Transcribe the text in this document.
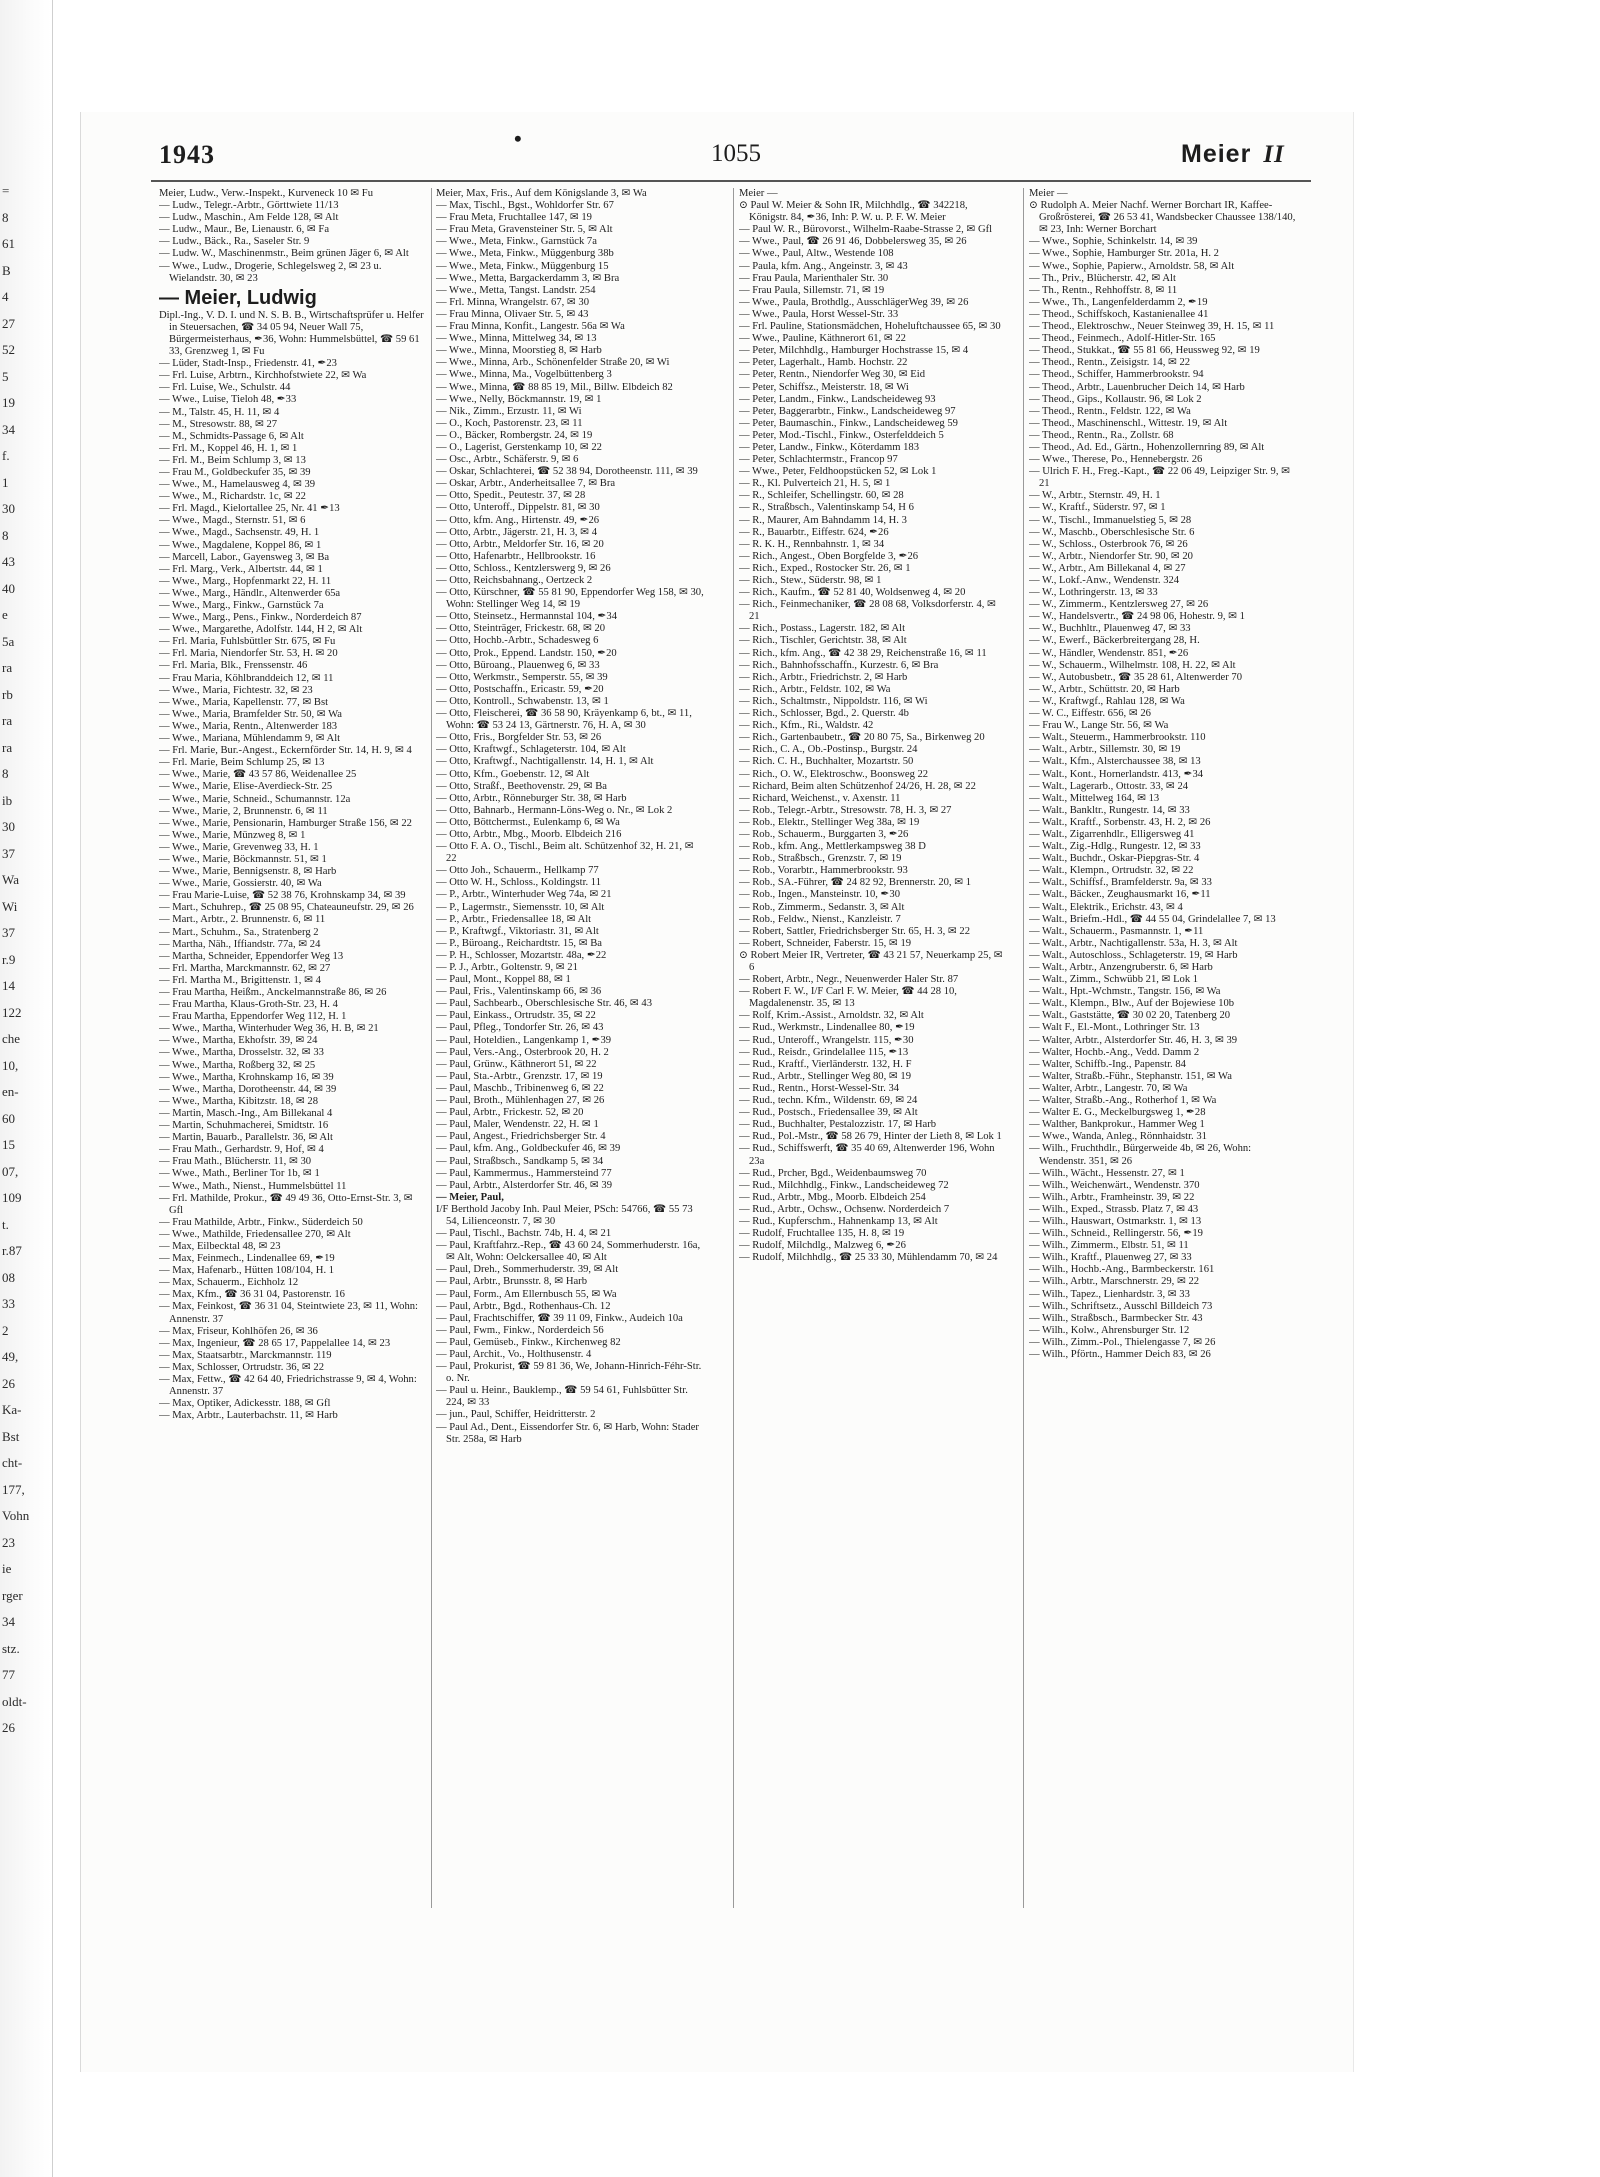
=
8
61
B
4
27
52
5
19
34
f.
1
30
8
43
40
e
5a
ra
rb
ra
ra
8
ib
30
37
Wa
Wi
37
r.9
14
122
che
10,
en-
60
15
07,
109
t.
r.87
08
33
2
49,
26
Ka-
Bst
cht-
177,
Vohn
23
ie
rger
34
stz.
77
oldt-
26
1943
•
1055	Meier II

Meier, Ludw., Verw.-Inspekt., Kurveneck 10 ✉ Fu

— Ludw., Telegr.-Arbtr., Görttwiete 11/13

— Ludw., Maschin., Am Felde 128, ✉ Alt

— Ludw., Maur., Be, Lienaustr. 6, ✉ Fa

— Ludw., Bäck., Ra., Saseler Str. 9

— Ludw. W., Maschinenmstr., Beim grünen Jäger 6, ✉ Alt

— Wwe., Ludw., Drogerie, Schlegelsweg 2, ✉ 23 u. Wielandstr. 30, ✉ 23

— Meier, Ludwig

Dipl.-Ing., V. D. I. und N. S. B. B., Wirtschaftsprüfer u. Helfer in Steuersachen, ☎ 34 05 94, Neuer Wall 75, Bürgermeisterhaus, ✒36, Wohn: Hummelsbüttel, ☎ 59 61 33, Grenzweg 1, ✉ Fu

— Lüder, Stadt-Insp., Friedenstr. 41, ✒23

— Frl. Luise, Arbtrn., Kirchhofstwiete 22, ✉ Wa

— Frl. Luise, We., Schulstr. 44

— Wwe., Luise, Tieloh 48, ✒33

— M., Talstr. 45, H. 11, ✉ 4

— M., Stresowstr. 88, ✉ 27

— M., Schmidts-Passage 6, ✉ Alt

— Frl. M., Koppel 46, H. 1, ✉ 1

— Frl. M., Beim Schlump 3, ✉ 13

— Frau M., Goldbeckufer 35, ✉ 39

— Wwe., M., Hamelausweg 4, ✉ 39

— Wwe., M., Richardstr. 1c, ✉ 22

— Frl. Magd., Kielortallee 25, Nr. 41 ✒13

— Wwe., Magd., Sternstr. 51, ✉ 6

— Wwe., Magd., Sachsenstr. 49, H. 1

— Wwe., Magdalene, Koppel 86, ✉ 1

— Marcell, Labor., Gayensweg 3, ✉ Ba

— Frl. Marg., Verk., Albertstr. 44, ✉ 1

— Wwe., Marg., Hopfenmarkt 22, H. 11

— Wwe., Marg., Händlr., Altenwerder 65a

— Wwe., Marg., Finkw., Garnstück 7a

— Wwe., Marg., Pens., Finkw., Norderdeich 87

— Wwe., Margarethe, Adolfstr. 144, H 2, ✉ Alt

— Frl. Maria, Fuhlsbüttler Str. 675, ✉ Fu

— Frl. Maria, Niendorfer Str. 53, H. ✉ 20

— Frl. Maria, Blk., Frenssenstr. 46

— Frau Maria, Köhlbranddeich 12, ✉ 11

— Wwe., Maria, Fichtestr. 32, ✉ 23

— Wwe., Maria, Kapellenstr. 77, ✉ Bst

— Wwe., Maria, Bramfelder Str. 50, ✉ Wa

— Wwe., Maria, Rentn., Altenwerder 183

— Wwe., Mariana, Mühlendamm 9, ✉ Alt

— Frl. Marie, Bur.-Angest., Eckernförder Str. 14, H. 9, ✉ 4

— Frl. Marie, Beim Schlump 25, ✉ 13

— Wwe., Marie, ☎ 43 57 86, Weidenallee 25

— Wwe., Marie, Elise-Averdieck-Str. 25

— Wwe., Marie, Schneid., Schumannstr. 12a

— Wwe., Marie, 2, Brunnenstr. 6, ✉ 11

— Wwe., Marie, Pensionarin, Hamburger Straße 156, ✉ 22

— Wwe., Marie, Münzweg 8, ✉ 1

— Wwe., Marie, Grevenweg 33, H. 1

— Wwe., Marie, Böckmannstr. 51, ✉ 1

— Wwe., Marie, Bennigsenstr. 8, ✉ Harb

— Wwe., Marie, Gossierstr. 40, ✉ Wa

— Frau Marie-Luise, ☎ 52 38 76, Krohnskamp 34, ✉ 39

— Mart., Schuhrep., ☎ 25 08 95, Chateauneufstr. 29, ✉ 26

— Mart., Arbtr., 2. Brunnenstr. 6, ✉ 11

— Mart., Schuhm., Sa., Stratenberg 2

— Martha, Näh., Iffiandstr. 77a, ✉ 24

— Martha, Schneider, Eppendorfer Weg 13

— Frl. Martha, Marckmannstr. 62, ✉ 27

— Frl. Martha M., Brigittenstr. 1, ✉ 4

— Frau Martha, Heißm., Anckelmannstraße 86, ✉ 26

— Frau Martha, Klaus-Groth-Str. 23, H. 4

— Frau Martha, Eppendorfer Weg 112, H. 1

— Wwe., Martha, Winterhuder Weg 36, H. B, ✉ 21

— Wwe., Martha, Ekhofstr. 39, ✉ 24

— Wwe., Martha, Drosselstr. 32, ✉ 33

— Wwe., Martha, Roßberg 32, ✉ 25

— Wwe., Martha, Krohnskamp 16, ✉ 39

— Wwe., Martha, Dorotheenstr. 44, ✉ 39

— Wwe., Martha, Kibitzstr. 18, ✉ 28

— Martin, Masch.-Ing., Am Billekanal 4

— Martin, Schuhmacherei, Smidtstr. 16

— Martin, Bauarb., Parallelstr. 36, ✉ Alt

— Frau Math., Gerhardstr. 9, Hof, ✉ 4

— Frau Math., Blücherstr. 11, ✉ 30

— Wwe., Math., Berliner Tor 1b, ✉ 1

— Wwe., Math., Nienst., Hummelsbüttel 11

— Frl. Mathilde, Prokur., ☎ 49 49 36, Otto-Ernst-Str. 3, ✉ Gfl

— Frau Mathilde, Arbtr., Finkw., Süderdeich 50

— Wwe., Mathilde, Friedensallee 270, ✉ Alt

— Max, Eilbecktal 48, ✉ 23

— Max, Feinmech., Lindenallee 69, ✒19

— Max, Hafenarb., Hütten 108/104, H. 1

— Max, Schauerm., Eichholz 12

— Max, Kfm., ☎ 36 31 04, Pastorenstr. 16

— Max, Feinkost, ☎ 36 31 04, Steintwiete 23, ✉ 11, Wohn: Annenstr. 37

— Max, Friseur, Kohlhöfen 26, ✉ 36

— Max, Ingenieur, ☎ 28 65 17, Pappelallee 14, ✉ 23

— Max, Staatsarbtr., Marckmannstr. 119

— Max, Schlosser, Ortrudstr. 36, ✉ 22

— Max, Fettw., ☎ 42 64 40, Friedrichstrasse 9, ✉ 4, Wohn: Annenstr. 37

— Max, Optiker, Adickesstr. 188, ✉ Gfl

— Max, Arbtr., Lauterbachstr. 11, ✉ Harb

Meier, Max, Fris., Auf dem Königslande 3, ✉ Wa

— Max, Tischl., Bgst., Wohldorfer Str. 67

— Frau Meta, Fruchtallee 147, ✉ 19

— Frau Meta, Gravensteiner Str. 5, ✉ Alt

— Wwe., Meta, Finkw., Garnstück 7a

— Wwe., Meta, Finkw., Müggenburg 38b

— Wwe., Meta, Finkw., Müggenburg 15

— Wwe., Metta, Bargackerdamm 3, ✉ Bra

— Wwe., Metta, Tangst. Landstr. 254

— Frl. Minna, Wrangelstr. 67, ✉ 30

— Frau Minna, Olivaer Str. 5, ✉ 43

— Frau Minna, Konfit., Langestr. 56a ✉ Wa

— Wwe., Minna, Mittelweg 34, ✉ 13

— Wwe., Minna, Moorstieg 8, ✉ Harb

— Wwe., Minna, Arb., Schönenfelder Straße 20, ✉ Wi

— Wwe., Minna, Ma., Vogelbüttenberg 3

— Wwe., Minna, ☎ 88 85 19, Mil., Billw. Elbdeich 82

— Wwe., Nelly, Böckmannstr. 19, ✉ 1

— Nik., Zimm., Erzustr. 11, ✉ Wi

— O., Koch, Pastorenstr. 23, ✉ 11

— O., Bäcker, Rombergstr. 24, ✉ 19

— O., Lagerist, Gerstenkamp 10, ✉ 22

— Osc., Arbtr., Schäferstr. 9, ✉ 6

— Oskar, Schlachterei, ☎ 52 38 94, Dorotheenstr. 111, ✉ 39

— Oskar, Arbtr., Anderheitsallee 7, ✉ Bra

— Otto, Spedit., Peutestr. 37, ✉ 28

— Otto, Unteroff., Dippelstr. 81, ✉ 30

— Otto, kfm. Ang., Hirtenstr. 49, ✒26

— Otto, Arbtr., Jägerstr. 21, H. 3, ✉ 4

— Otto, Arbtr., Meldorfer Str. 16, ✉ 20

— Otto, Hafenarbtr., Hellbrookstr. 16

— Otto, Schloss., Kentzlerswerg 9, ✉ 26

— Otto, Reichsbahnang., Oertzeck 2

— Otto, Kürschner, ☎ 55 81 90, Eppendorfer Weg 158, ✉ 30, Wohn: Stellinger Weg 14, ✉ 19

— Otto, Steinsetz., Hermannstal 104, ✒34

— Otto, Steinträger, Frickestr. 68, ✉ 20

— Otto, Hochb.-Arbtr., Schadesweg 6

— Otto, Prok., Eppend. Landstr. 150, ✒20

— Otto, Büroang., Plauenweg 6, ✉ 33

— Otto, Werkmstr., Semperstr. 55, ✉ 39

— Otto, Postschaffn., Ericastr. 59, ✒20

— Otto, Kontroll., Schwabenstr. 13, ✉ 1

— Otto, Fleischerei, ☎ 36 58 90, Kräyenkamp 6, bt., ✉ 11, Wohn: ☎ 53 24 13, Gärtnerstr. 76, H. A, ✉ 30

— Otto, Fris., Borgfelder Str. 53, ✉ 26

— Otto, Kraftwgf., Schlageterstr. 104, ✉ Alt

— Otto, Kraftwgf., Nachtigallenstr. 14, H. 1, ✉ Alt

— Otto, Kfm., Goebenstr. 12, ✉ Alt

— Otto, Straßf., Beethovenstr. 29, ✉ Ba

— Otto, Arbtr., Rönneburger Str. 38, ✉ Harb

— Otto, Bahnarb., Hermann-Löns-Weg o. Nr., ✉ Lok 2

— Otto, Böttchermst., Eulenkamp 6, ✉ Wa

— Otto, Arbtr., Mbg., Moorb. Elbdeich 216

— Otto F. A. O., Tischl., Beim alt. Schützenhof 32, H. 21, ✉ 22

— Otto Joh., Schauerm., Hellkamp 77

— Otto W. H., Schloss., Koldingstr. 11

— P., Arbtr., Winterhuder Weg 74a, ✉ 21

— P., Lagermstr., Siemensstr. 10, ✉ Alt

— P., Arbtr., Friedensallee 18, ✉ Alt

— P., Kraftwgf., Viktoriastr. 31, ✉ Alt

— P., Büroang., Reichardtstr. 15, ✉ Ba

— P. H., Schlosser, Mozartstr. 48a, ✒22

— P. J., Arbtr., Goltenstr. 9, ✉ 21

— Paul, Mont., Koppel 88, ✉ 1

— Paul, Fris., Valentinskamp 66, ✉ 36

— Paul, Sachbearb., Oberschlesische Str. 46, ✉ 43

— Paul, Einkass., Ortrudstr. 35, ✉ 22

— Paul, Pfleg., Tondorfer Str. 26, ✉ 43

— Paul, Hoteldien., Langenkamp 1, ✒39

— Paul, Vers.-Ang., Osterbrook 20, H. 2

— Paul, Grünw., Käthnerort 51, ✉ 22

— Paul, Sta.-Arbtr., Grenzstr. 17, ✉ 19

— Paul, Maschb., Tribinenweg 6, ✉ 22

— Paul, Broth., Mühlenhagen 27, ✉ 26

— Paul, Arbtr., Frickestr. 52, ✉ 20

— Paul, Maler, Wendenstr. 22, H. ✉ 1

— Paul, Angest., Friedrichsberger Str. 4

— Paul, kfm. Ang., Goldbeckufer 46, ✉ 39

— Paul, Straßbsch., Sandkamp 5, ✉ 34

— Paul, Kammermus., Hammersteind 77

— Paul, Arbtr., Alsterdorfer Str. 46, ✉ 39

— Meier, Paul,

I/F Berthold Jacoby Inh. Paul Meier, PSch: 54766, ☎ 55 73 54, Lilienceonstr. 7, ✉ 30

— Paul, Tischl., Bachstr. 74b, H. 4, ✉ 21

— Paul, Kraftfahrz.-Rep., ☎ 43 60 24, Sommerhuderstr. 16a, ✉ Alt, Wohn: Oelckersallee 40, ✉ Alt

— Paul, Dreh., Sommerhuderstr. 39, ✉ Alt

— Paul, Arbtr., Brunsstr. 8, ✉ Harb

— Paul, Form., Am Ellernbusch 55, ✉ Wa

— Paul, Arbtr., Bgd., Rothenhaus-Ch. 12

— Paul, Frachtschiffer, ☎ 39 11 09, Finkw., Audeich 10a

— Paul, Fwm., Finkw., Norderdeich 56

— Paul, Gemüseb., Finkw., Kirchenweg 82

— Paul, Archit., Vo., Holthusenstr. 4

— Paul, Prokurist, ☎ 59 81 36, We, Johann-Hinrich-Féhr-Str. o. Nr.

— Paul u. Heinr., Bauklemp., ☎ 59 54 61, Fuhlsbütter Str. 224, ✉ 33

— jun., Paul, Schiffer, Heidritterstr. 2

— Paul Ad., Dent., Eissendorfer Str. 6, ✉ Harb, Wohn: Stader Str. 258a, ✉ Harb

Meier —

⊙ Paul W. Meier & Sohn IR, Milchhdlg., ☎ 342218, Königstr. 84, ✒36, Inh: P. W. u. P. F. W. Meier

— Paul W. R., Bürovorst., Wilhelm-Raabe-Strasse 2, ✉ Gfl

— Wwe., Paul, ☎ 26 91 46, Dobbelersweg 35, ✉ 26

— Wwe., Paul, Altw., Westende 108

— Paula, kfm. Ang., Angeinstr. 3, ✉ 43

— Frau Paula, Marienthaler Str. 30

— Frau Paula, Sillemstr. 71, ✉ 19

— Wwe., Paula, Brothdlg., AusschlägerWeg 39, ✉ 26

— Wwe., Paula, Horst Wessel-Str. 33

— Frl. Pauline, Stationsmädchen, Hoheluftchaussee 65, ✉ 30

— Wwe., Pauline, Käthnerort 61, ✉ 22

— Peter, Milchhdlg., Hamburger Hochstrasse 15, ✉ 4

— Peter, Lagerhalt., Hamb. Hochstr. 22

— Peter, Rentn., Niendorfer Weg 30, ✉ Eid

— Peter, Schiffsz., Meisterstr. 18, ✉ Wi

— Peter, Landm., Finkw., Landscheideweg 93

— Peter, Baggerarbtr., Finkw., Landscheideweg 97

— Peter, Baumaschin., Finkw., Landscheideweg 59

— Peter, Mod.-Tischl., Finkw., Osterfelddeich 5

— Peter, Landw., Finkw., Köterdamm 183

— Peter, Schlachtermstr., Francop 97

— Wwe., Peter, Feldhoopstücken 52, ✉ Lok 1

— R., Kl. Pulverteich 21, H. 5, ✉ 1

— R., Schleifer, Schellingstr. 60, ✉ 28

— R., Straßbsch., Valentinskamp 54, H 6

— R., Maurer, Am Bahndamm 14, H. 3

— R., Bauarbtr., Eiffestr. 624, ✒26

— R. K. H., Rennbahnstr. 1, ✉ 34

— Rich., Angest., Oben Borgfelde 3, ✒26

— Rich., Exped., Rostocker Str. 26, ✉ 1

— Rich., Stew., Süderstr. 98, ✉ 1

— Rich., Kaufm., ☎ 52 81 40, Woldsenweg 4, ✉ 20

— Rich., Feinmechaniker, ☎ 28 08 68, Volksdorferstr. 4, ✉ 21

— Rich., Postass., Lagerstr. 182, ✉ Alt

— Rich., Tischler, Gerichtstr. 38, ✉ Alt

— Rich., kfm. Ang., ☎ 42 38 29, Reichenstraße 16, ✉ 11

— Rich., Bahnhofsschaffn., Kurzestr. 6, ✉ Bra

— Rich., Arbtr., Friedrichstr. 2, ✉ Harb

— Rich., Arbtr., Feldstr. 102, ✉ Wa

— Rich., Schaltmstr., Nippoldstr. 116, ✉ Wi

— Rich., Schlosser, Bgd., 2. Querstr. 4b

— Rich., Kfm., Ri., Waldstr. 42

— Rich., Gartenbaubetr., ☎ 20 80 75, Sa., Birkenweg 20

— Rich., C. A., Ob.-Postinsp., Burgstr. 24

— Rich. C. H., Buchhalter, Mozartstr. 50

— Rich., O. W., Elektroschw., Boonsweg 22

— Richard, Beim alten Schützenhof 24/26, H. 28, ✉ 22

— Richard, Weichenst., v. Axenstr. 11

— Rob., Telegr.-Arbtr., Stresowstr. 78, H. 3, ✉ 27

— Rob., Elektr., Stellinger Weg 38a, ✉ 19

— Rob., Schauerm., Burggarten 3, ✒26

— Rob., kfm. Ang., Mettlerkampsweg 38 D

— Rob., Straßbsch., Grenzstr. 7, ✉ 19

— Rob., Vorarbtr., Hammerbrookstr. 93

— Rob., SA.-Führer, ☎ 24 82 92, Brennerstr. 20, ✉ 1

— Rob., Ingen., Mansteinstr. 10, ✒30

— Rob., Zimmerm., Sedanstr. 3, ✉ Alt

— Rob., Feldw., Nienst., Kanzleistr. 7

— Robert, Sattler, Friedrichsberger Str. 65, H. 3, ✉ 22

— Robert, Schneider, Faberstr. 15, ✉ 19

⊙ Robert Meier IR, Vertreter, ☎ 43 21 57, Neuerkamp 25, ✉ 6

— Robert, Arbtr., Negr., Neuenwerder Haler Str. 87

— Robert F. W., I/F Carl F. W. Meier, ☎ 44 28 10, Magdalenenstr. 35, ✉ 13

— Rolf, Krim.-Assist., Arnoldstr. 32, ✉ Alt

— Rud., Werkmstr., Lindenallee 80, ✒19

— Rud., Unteroff., Wrangelstr. 115, ✒30

— Rud., Reisdr., Grindelallee 115, ✒13

— Rud., Kraftf., Vierländerstr. 132, H. F

— Rud., Arbtr., Stellinger Weg 80, ✉ 19

— Rud., Rentn., Horst-Wessel-Str. 34

— Rud., techn. Kfm., Wildenstr. 69, ✉ 24

— Rud., Postsch., Friedensallee 39, ✉ Alt

— Rud., Buchhalter, Pestalozzistr. 17, ✉ Harb

— Rud., Pol.-Mstr., ☎ 58 26 79, Hinter der Lieth 8, ✉ Lok 1

— Rud., Schiffswerft, ☎ 35 40 69, Altenwerder 196, Wohn 23a

— Rud., Prcher, Bgd., Weidenbaumsweg 70

— Rud., Milchhdlg., Finkw., Landscheideweg 72

— Rud., Arbtr., Mbg., Moorb. Elbdeich 254

— Rud., Arbtr., Ochsw., Ochsenw. Norderdeich 7

— Rud., Kupferschm., Hahnenkamp 13, ✉ Alt

— Rudolf, Fruchtallee 135, H. 8, ✉ 19

— Rudolf, Milchdlg., Malzweg 6, ✒26

— Rudolf, Milchhdlg., ☎ 25 33 30, Mühlendamm 70, ✉ 24

Meier —

⊙ Rudolph A. Meier Nachf. Werner Borchart IR, Kaffee-Großrösterei, ☎ 26 53 41, Wandsbecker Chaussee 138/140, ✉ 23, Inh: Werner Borchart

— Wwe., Sophie, Schinkelstr. 14, ✉ 39

— Wwe., Sophie, Hamburger Str. 201a, H. 2

— Wwe., Sophie, Papierw., Arnoldstr. 58, ✉ Alt

— Th., Priv., Blücherstr. 42, ✉ Alt

— Th., Rentn., Rehhoffstr. 8, ✉ 11

— Wwe., Th., Langenfelderdamm 2, ✒19

— Theod., Schiffskoch, Kastanienallee 41

— Theod., Elektroschw., Neuer Steinweg 39, H. 15, ✉ 11

— Theod., Feinmech., Adolf-Hitler-Str. 165

— Theod., Stukkat., ☎ 55 81 66, Heussweg 92, ✉ 19

— Theod., Rentn., Zeisigstr. 14, ✉ 22

— Theod., Schiffer, Hammerbrookstr. 94

— Theod., Arbtr., Lauenbrucher Deich 14, ✉ Harb

— Theod., Gips., Kollaustr. 96, ✉ Lok 2

— Theod., Rentn., Feldstr. 122, ✉ Wa

— Theod., Maschinenschl., Wittestr. 19, ✉ Alt

— Theod., Rentn., Ra., Zollstr. 68

— Theod., Ad. Ed., Gärtn., Hohenzollernring 89, ✉ Alt

— Wwe., Therese, Po., Hennebergstr. 26

— Ulrich F. H., Freg.-Kapt., ☎ 22 06 49, Leipziger Str. 9, ✉ 21

— W., Arbtr., Sternstr. 49, H. 1

— W., Kraftf., Süderstr. 97, ✉ 1

— W., Tischl., Immanuelstieg 5, ✉ 28

— W., Maschb., Oberschlesische Str. 6

— W., Schloss., Osterbrook 76, ✉ 26

— W., Arbtr., Niendorfer Str. 90, ✉ 20

— W., Arbtr., Am Billekanal 4, ✉ 27

— W., Lokf.-Anw., Wendenstr. 324

— W., Lothringerstr. 13, ✉ 33

— W., Zimmerm., Kentzlersweg 27, ✉ 26

— W., Handelsvertr., ☎ 24 98 06, Hohestr. 9, ✉ 1

— W., Buchhltr., Plauenweg 47, ✉ 33

— W., Ewerf., Bäckerbreitergang 28, H.

— W., Händler, Wendenstr. 851, ✒26

— W., Schauerm., Wilhelmstr. 108, H. 22, ✉ Alt

— W., Autobusbetr., ☎ 35 28 61, Altenwerder 70

— W., Arbtr., Schüttstr. 20, ✉ Harb

— W., Kraftwgf., Rahlau 128, ✉ Wa

— W. C., Eiffestr. 656, ✉ 26

— Frau W., Lange Str. 56, ✉ Wa

— Walt., Steuerm., Hammerbrookstr. 110

— Walt., Arbtr., Sillemstr. 30, ✉ 19

— Walt., Kfm., Alsterchaussee 38, ✉ 13

— Walt., Kont., Hornerlandstr. 413, ✒34

— Walt., Lagerarb., Ottostr. 33, ✉ 24

— Walt., Mittelweg 164, ✉ 13

— Walt., Bankltr., Rungestr. 14, ✉ 33

— Walt., Kraftf., Sorbenstr. 43, H. 2, ✉ 26

— Walt., Zigarrenhdlr., Elligersweg 41

— Walt., Zig.-Hdlg., Rungestr. 12, ✉ 33

— Walt., Buchdr., Oskar-Piepgras-Str. 4

— Walt., Klempn., Ortrudstr. 32, ✉ 22

— Walt., Schiffsf., Bramfelderstr. 9a, ✉ 33

— Walt., Bäcker., Zeughausmarkt 16, ✒11

— Walt., Elektrik., Erichstr. 43, ✉ 4

— Walt., Briefm.-Hdl., ☎ 44 55 04, Grindelallee 7, ✉ 13

— Walt., Schauerm., Pasmannstr. 1, ✒11

— Walt., Arbtr., Nachtigallenstr. 53a, H. 3, ✉ Alt

— Walt., Autoschloss., Schlageterstr. 19, ✉ Harb

— Walt., Arbtr., Anzengruberstr. 6, ✉ Harb

— Walt., Zimm., Schwübb 21, ✉ Lok 1

— Walt., Hpt.-Wchmstr., Tangstr. 156, ✉ Wa

— Walt., Klempn., Blw., Auf der Bojewiese 10b

— Walt., Gaststätte, ☎ 30 02 20, Tatenberg 20

— Walt F., El.-Mont., Lothringer Str. 13

— Walter, Arbtr., Alsterdorfer Str. 46, H. 3, ✉ 39

— Walter, Hochb.-Ang., Vedd. Damm 2

— Walter, Schiffb.-Ing., Papenstr. 84

— Walter, Straßb.-Führ., Stephanstr. 151, ✉ Wa

— Walter, Arbtr., Langestr. 70, ✉ Wa

— Walter, Straßb.-Ang., Rotherhof 1, ✉ Wa

— Walter E. G., Meckelburgsweg 1, ✒28

— Walther, Bankprokur., Hammer Weg 1

— Wwe., Wanda, Anleg., Rönnhaidstr. 31

— Wilh., Fruchthdlr., Bürgerweide 4b, ✉ 26, Wohn: Wendenstr. 351, ✉ 26

— Wilh., Wächt., Hessenstr. 27, ✉ 1

— Wilh., Weichenwärt., Wendenstr. 370

— Wilh., Arbtr., Framheinstr. 39, ✉ 22

— Wilh., Exped., Strassb. Platz 7, ✉ 43

— Wilh., Hauswart, Ostmarkstr. 1, ✉ 13

— Wilh., Schneid., Rellingerstr. 56, ✒19

— Wilh., Zimmerm., Elbstr. 51, ✉ 11

— Wilh., Kraftf., Plauenweg 27, ✉ 33

— Wilh., Hochb.-Ang., Barmbeckerstr. 161

— Wilh., Arbtr., Marschnerstr. 29, ✉ 22

— Wilh., Tapez., Lienhardstr. 3, ✉ 33

— Wilh., Schriftsetz., Ausschl Billdeich 73

— Wilh., Straßbsch., Barmbecker Str. 43

— Wilh., Kolw., Ahrensburger Str. 12

— Wilh., Zimm.-Pol., Thielengasse 7, ✉ 26

— Wilh., Pförtn., Hammer Deich 83, ✉ 26
